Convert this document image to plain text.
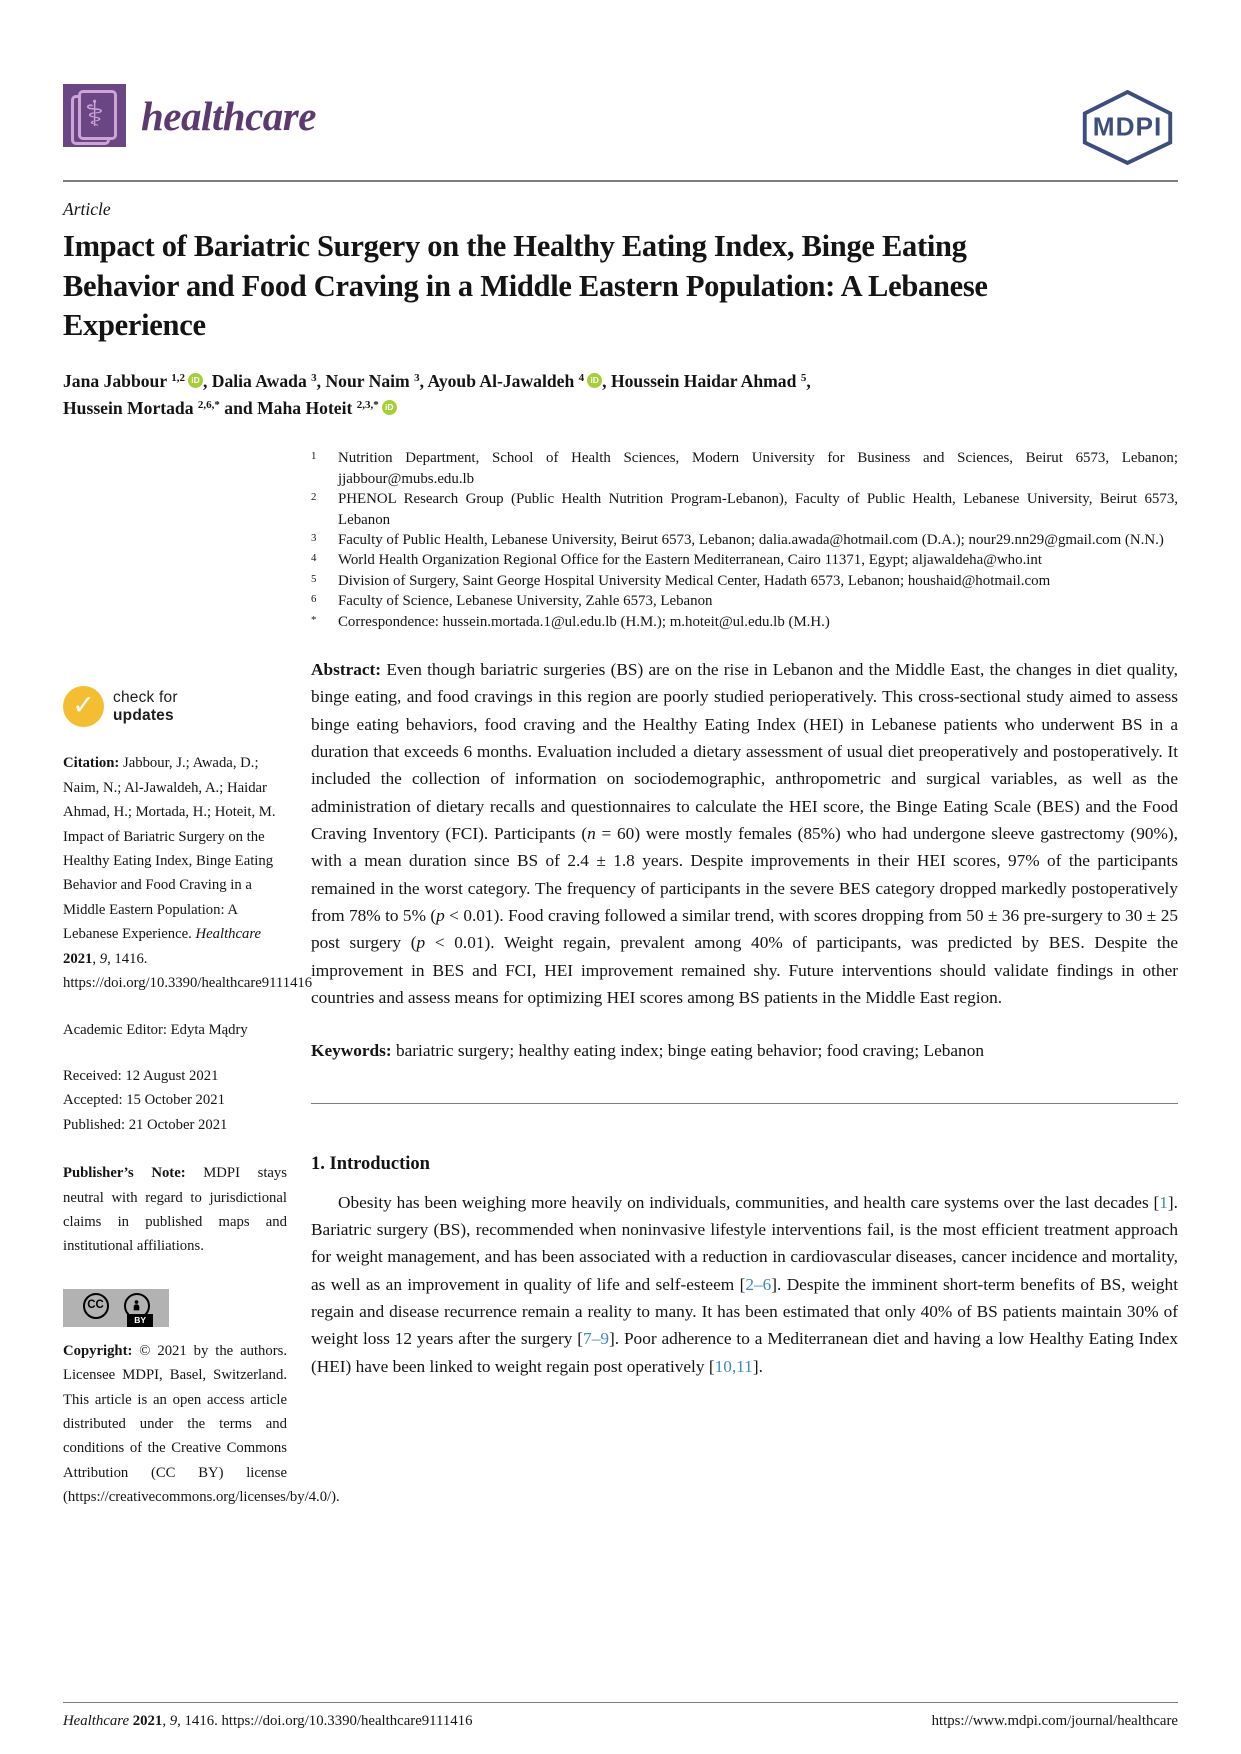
⚕ healthcare	MDPI
Article
Impact of Bariatric Surgery on the Healthy Eating Index, Binge Eating Behavior and Food Craving in a Middle Eastern Population: A Lebanese Experience

Jana Jabbour $^{1,2}$ iD , Dalia Awada $^3$, Nour Naim $^3$, Ayoub Al-Jawaldeh $^4$ iD , Houssein Haidar Ahmad $^5$,
Hussein Mortada $^{2,6,*}$ and Maha Hoteit $^{2,3,*}$ iD

✓ check for
updates

Citation: Jabbour, J.; Awada, D.; Naim, N.; Al-Jawaldeh, A.; Haidar Ahmad, H.; Mortada, H.; Hoteit, M. Impact of Bariatric Surgery on the Healthy Eating Index, Binge Eating Behavior and Food Craving in a Middle Eastern Population: A Lebanese Experience. Healthcare 2021, 9, 1416. https://doi.org/10.3390/healthcare9111416

Academic Editor: Edyta Mądry

Received: 12 August 2021
Accepted: 15 October 2021
Published: 21 October 2021

Publisher’s Note: MDPI stays neutral with regard to jurisdictional claims in published maps and institutional affiliations.

CC
BY

Copyright: © 2021 by the authors. Licensee MDPI, Basel, Switzerland. This article is an open access article distributed under the terms and conditions of the Creative Commons Attribution (CC BY) license (https://creativecommons.org/licenses/by/4.0/).

1	Nutrition Department, School of Health Sciences, Modern University for Business and Sciences, Beirut 6573, Lebanon; jjabbour@mubs.edu.lb
2	PHENOL Research Group (Public Health Nutrition Program-Lebanon), Faculty of Public Health, Lebanese University, Beirut 6573, Lebanon
3	Faculty of Public Health, Lebanese University, Beirut 6573, Lebanon; dalia.awada@hotmail.com (D.A.); nour29.nn29@gmail.com (N.N.)
4	World Health Organization Regional Office for the Eastern Mediterranean, Cairo 11371, Egypt; aljawaldeha@who.int
5	Division of Surgery, Saint George Hospital University Medical Center, Hadath 6573, Lebanon; houshaid@hotmail.com
6	Faculty of Science, Lebanese University, Zahle 6573, Lebanon
*	Correspondence: hussein.mortada.1@ul.edu.lb (H.M.); m.hoteit@ul.edu.lb (M.H.)

Abstract: Even though bariatric surgeries (BS) are on the rise in Lebanon and the Middle East, the changes in diet quality, binge eating, and food cravings in this region are poorly studied perioperatively. This cross-sectional study aimed to assess binge eating behaviors, food craving and the Healthy Eating Index (HEI) in Lebanese patients who underwent BS in a duration that exceeds 6 months. Evaluation included a dietary assessment of usual diet preoperatively and postoperatively. It included the collection of information on sociodemographic, anthropometric and surgical variables, as well as the administration of dietary recalls and questionnaires to calculate the HEI score, the Binge Eating Scale (BES) and the Food Craving Inventory (FCI). Participants (n = 60) were mostly females (85%) who had undergone sleeve gastrectomy (90%), with a mean duration since BS of 2.4 ± 1.8 years. Despite improvements in their HEI scores, 97% of the participants remained in the worst category. The frequency of participants in the severe BES category dropped markedly postoperatively from 78% to 5% (p < 0.01). Food craving followed a similar trend, with scores dropping from 50 ± 36 pre-surgery to 30 ± 25 post surgery (p < 0.01). Weight regain, prevalent among 40% of participants, was predicted by BES. Despite the improvement in BES and FCI, HEI improvement remained shy. Future interventions should validate findings in other countries and assess means for optimizing HEI scores among BS patients in the Middle East region.

Keywords: bariatric surgery; healthy eating index; binge eating behavior; food craving; Lebanon

1. Introduction

Obesity has been weighing more heavily on individuals, communities, and health care systems over the last decades [1]. Bariatric surgery (BS), recommended when noninvasive lifestyle interventions fail, is the most efficient treatment approach for weight management, and has been associated with a reduction in cardiovascular diseases, cancer incidence and mortality, as well as an improvement in quality of life and self-esteem [2–6]. Despite the imminent short-term benefits of BS, weight regain and disease recurrence remain a reality to many. It has been estimated that only 40% of BS patients maintain 30% of weight loss 12 years after the surgery [7–9]. Poor adherence to a Mediterranean diet and having a low Healthy Eating Index (HEI) have been linked to weight regain post operatively [10,11].

Healthcare 2021, 9, 1416. https://doi.org/10.3390/healthcare9111416	https://www.mdpi.com/journal/healthcare
